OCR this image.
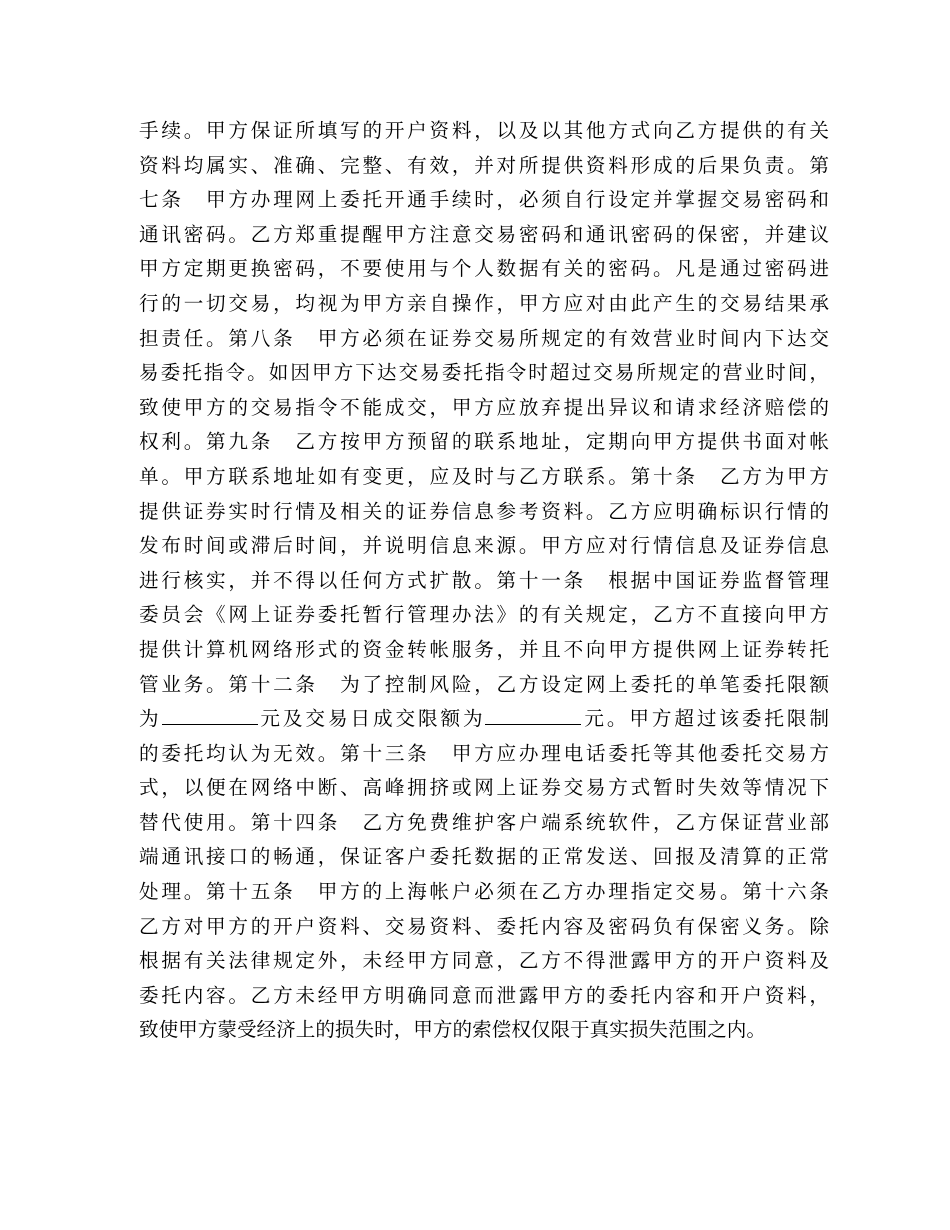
手续。甲方保证所填写的开户资料，以及以其他方式向乙方提供的有关
资料均属实、准确、完整、有效，并对所提供资料形成的后果负责。第
七条　甲方办理网上委托开通手续时，必须自行设定并掌握交易密码和
通讯密码。乙方郑重提醒甲方注意交易密码和通讯密码的保密，并建议
甲方定期更换密码，不要使用与个人数据有关的密码。凡是通过密码进
行的一切交易，均视为甲方亲自操作，甲方应对由此产生的交易结果承
担责任。第八条　甲方必须在证券交易所规定的有效营业时间内下达交
易委托指令。如因甲方下达交易委托指令时超过交易所规定的营业时间，
致使甲方的交易指令不能成交，甲方应放弃提出异议和请求经济赔偿的
权利。第九条　乙方按甲方预留的联系地址，定期向甲方提供书面对帐
单。甲方联系地址如有变更，应及时与乙方联系。第十条　乙方为甲方
提供证券实时行情及相关的证券信息参考资料。乙方应明确标识行情的
发布时间或滞后时间，并说明信息来源。甲方应对行情信息及证券信息
进行核实，并不得以任何方式扩散。第十一条　根据中国证券监督管理
委员会《网上证券委托暂行管理办法》的有关规定，乙方不直接向甲方
提供计算机网络形式的资金转帐服务，并且不向甲方提供网上证券转托
管业务。第十二条　为了控制风险，乙方设定网上委托的单笔委托限额
为	元及交易日成交限额为	元。甲方超过该委托限制
的委托均认为无效。第十三条　甲方应办理电话委托等其他委托交易方
式，以便在网络中断、高峰拥挤或网上证券交易方式暂时失效等情况下
替代使用。第十四条　乙方免费维护客户端系统软件，乙方保证营业部
端通讯接口的畅通，保证客户委托数据的正常发送、回报及清算的正常
处理。第十五条　甲方的上海帐户必须在乙方办理指定交易。第十六条
乙方对甲方的开户资料、交易资料、委托内容及密码负有保密义务。除
根据有关法律规定外，未经甲方同意，乙方不得泄露甲方的开户资料及
委托内容。乙方未经甲方明确同意而泄露甲方的委托内容和开户资料，
致使甲方蒙受经济上的损失时，甲方的索偿权仅限于真实损失范围之内。
